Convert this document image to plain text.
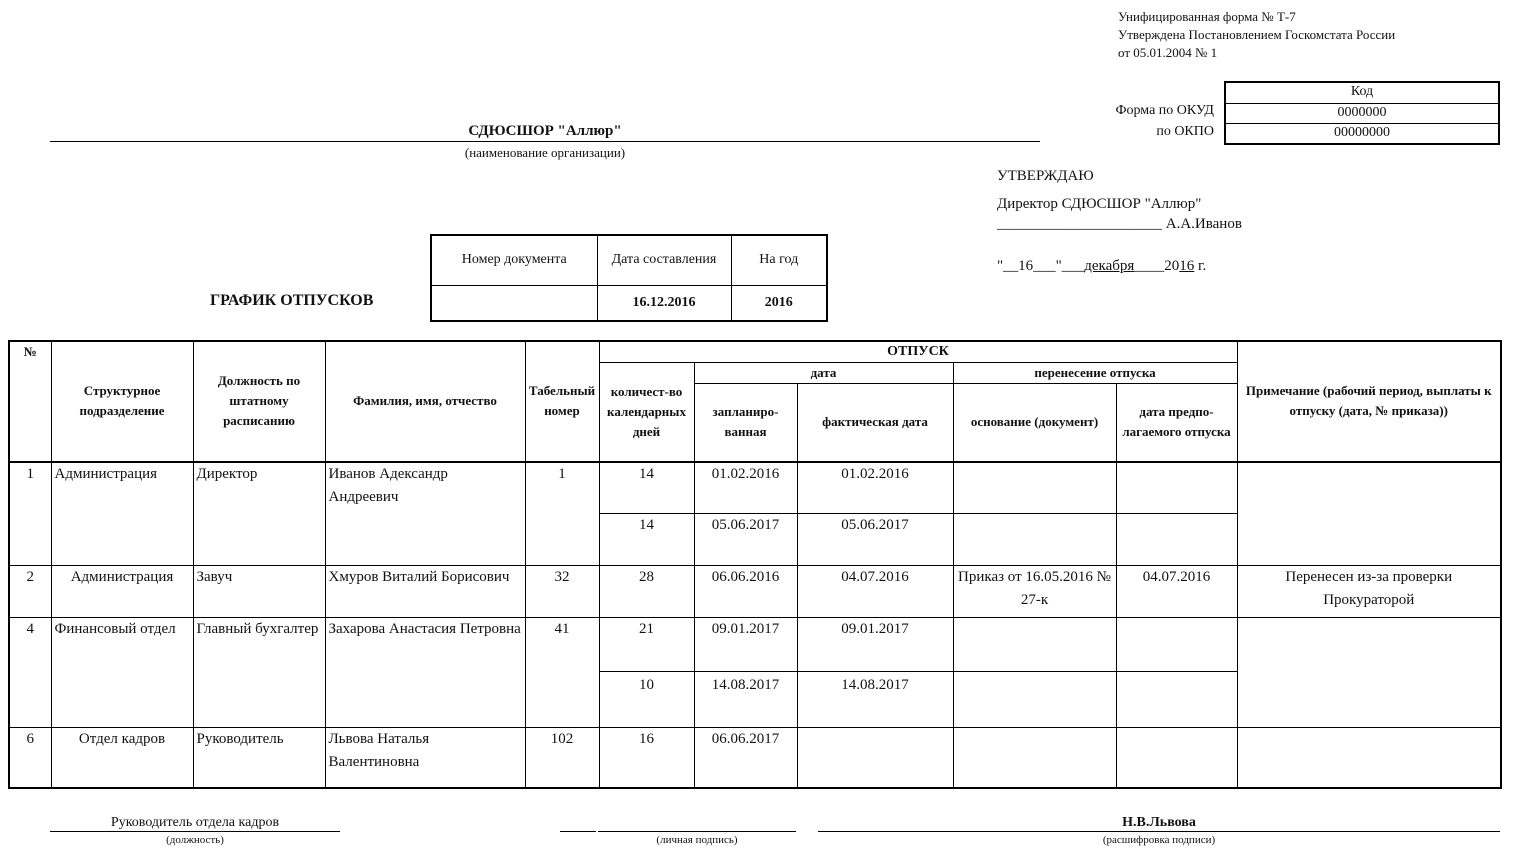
Унифицированная форма № Т-7
Утверждена Постановлением Госкомстата России
от 05.01.2004 № 1
Код
0000000
00000000
Форма по ОКУД
по ОКПО
СДЮСШОР "Аллюр"
(наименование организации)
УТВЕРЖДАЮ
Директор СДЮСШОР "Аллюр"
______________________ А.А.Иванов
"__16___"___декабря____2016 г.
Номер документа	Дата составления	На год
	16.12.2016	2016
ГРАФИК ОТПУСКОВ
№	Структурное подразделение	Должность по штатному расписанию	Фамилия, имя, отчество	Табельный номер	ОТПУСК					Примечание (рабочий период, выплаты к отпуску (дата, № приказа))
					количест-во календарных дней	дата		перенесение отпуска		
						запланиро-ванная	фактическая дата	основание (документ)	дата предпо-лагаемого отпуска	
1	Администрация	Директор	Иванов Адександр Андреевич	1	14	01.02.2016	01.02.2016			
					14	05.06.2017	05.06.2017			
2	Администрация	Завуч	Хмуров Виталий Борисович	32	28	06.06.2016	04.07.2016	Приказ от 16.05.2016 № 27-к	04.07.2016	Перенесен из-за проверки Прокураторой
4	Финансовый отдел	Главный бухгалтер	Захарова Анастасия Петровна	41	21	09.01.2017	09.01.2017			
					10	14.08.2017	14.08.2017			
6	Отдел кадров	Руководитель	Львова Наталья Валентиновна	102	16	06.06.2017				
Руководитель отдела кадров
(должность)	(личная подпись)
Н.В.Львова
(расшифровка подписи)
